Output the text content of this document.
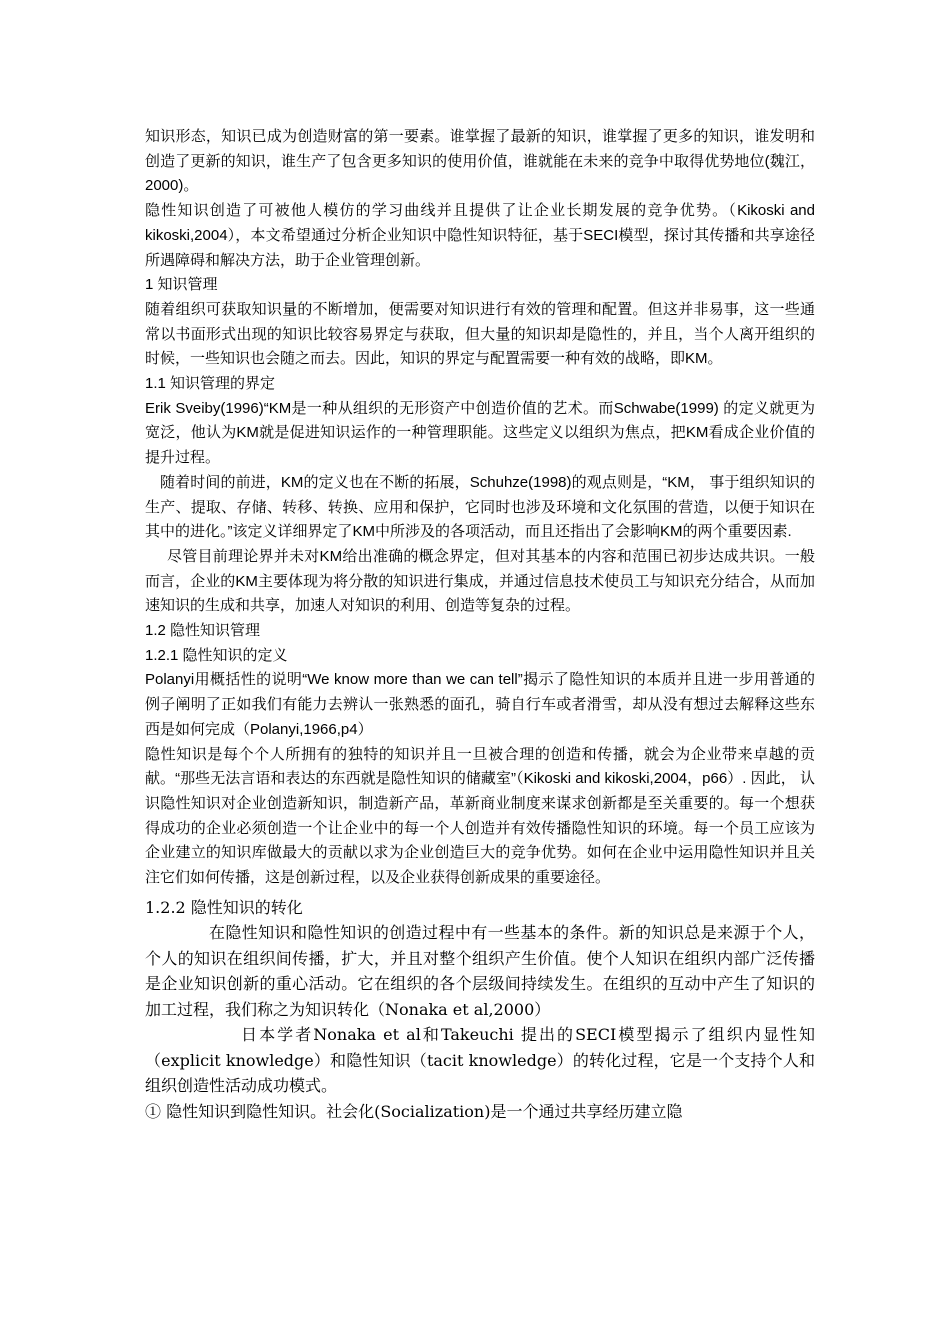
知识形态，知识已成为创造财富的第一要素。谁掌握了最新的知识，谁掌握了更多的知识，谁发明和创造了更新的知识，谁生产了包含更多知识的使用价值，谁就能在未来的竞争中取得优势地位(魏江，2000)。

隐性知识创造了可被他人模仿的学习曲线并且提供了让企业长期发展的竞争优势。（Kikoski and kikoski,2004），本文希望通过分析企业知识中隐性知识特征，基于SECI模型，探讨其传播和共享途径所遇障碍和解决方法，助于企业管理创新。

1 知识管理

随着组织可获取知识量的不断增加，便需要对知识进行有效的管理和配置。但这并非易事，这一些通常以书面形式出现的知识比较容易界定与获取，但大量的知识却是隐性的，并且，当个人离开组织的时候，一些知识也会随之而去。因此，知识的界定与配置需要一种有效的战略，即KM。

1.1 知识管理的界定

Erik Sveiby(1996)“KM是一种从组织的无形资产中创造价值的艺术。而Schwabe(1999) 的定义就更为宽泛，他认为KM就是促进知识运作的一种管理职能。这些定义以组织为焦点，把KM看成企业价值的提升过程。

随着时间的前进，KM的定义也在不断的拓展，Schuhze(1998)的观点则是，“KM， 事于组织知识的生产、提取、存储、转移、转换、应用和保护，它同时也涉及环境和文化氛围的营造，以便于知识在其中的进化。”该定义详细界定了KM中所涉及的各项活动，而且还指出了会影响KM的两个重要因素.

尽管目前理论界并未对KM给出准确的概念界定，但对其基本的内容和范围已初步达成共识。一般而言，企业的KM主要体现为将分散的知识进行集成，并通过信息技术使员工与知识充分结合，从而加速知识的生成和共享，加速人对知识的利用、创造等复杂的过程。

1.2 隐性知识管理

1.2.1 隐性知识的定义

Polanyi用概括性的说明“We know more than we can tell”揭示了隐性知识的本质并且进一步用普通的例子阐明了正如我们有能力去辨认一张熟悉的面孔，骑自行车或者滑雪，却从没有想过去解释这些东西是如何完成（Polanyi,1966,p4）

隐性知识是每个个人所拥有的独特的知识并且一旦被合理的创造和传播，就会为企业带来卓越的贡献。“那些无法言语和表达的东西就是隐性知识的储藏室”（Kikoski and kikoski,2004，p66）. 因此， 认识隐性知识对企业创造新知识，制造新产品，革新商业制度来谋求创新都是至关重要的。每一个想获得成功的企业必须创造一个让企业中的每一个人创造并有效传播隐性知识的环境。每一个员工应该为企业建立的知识库做最大的贡献以求为企业创造巨大的竞争优势。如何在企业中运用隐性知识并且关注它们如何传播，这是创新过程，以及企业获得创新成果的重要途径。

1.2.2 隐性知识的转化

在隐性知识和隐性知识的创造过程中有一些基本的条件。新的知识总是来源于个人，个人的知识在组织间传播，扩大，并且对整个组织产生价值。使个人知识在组织内部广泛传播是企业知识创新的重心活动。它在组织的各个层级间持续发生。在组织的互动中产生了知识的加工过程，我们称之为知识转化（Nonaka et al,2000）

日本学者Nonaka et al和Takeuchi 提出的SECI模型揭示了组织内显性知（explicit knowledge）和隐性知识（tacit knowledge）的转化过程，它是一个支持个人和组织创造性活动成功模式。

① 隐性知识到隐性知识。社会化(Socialization)是一个通过共享经历建立隐
